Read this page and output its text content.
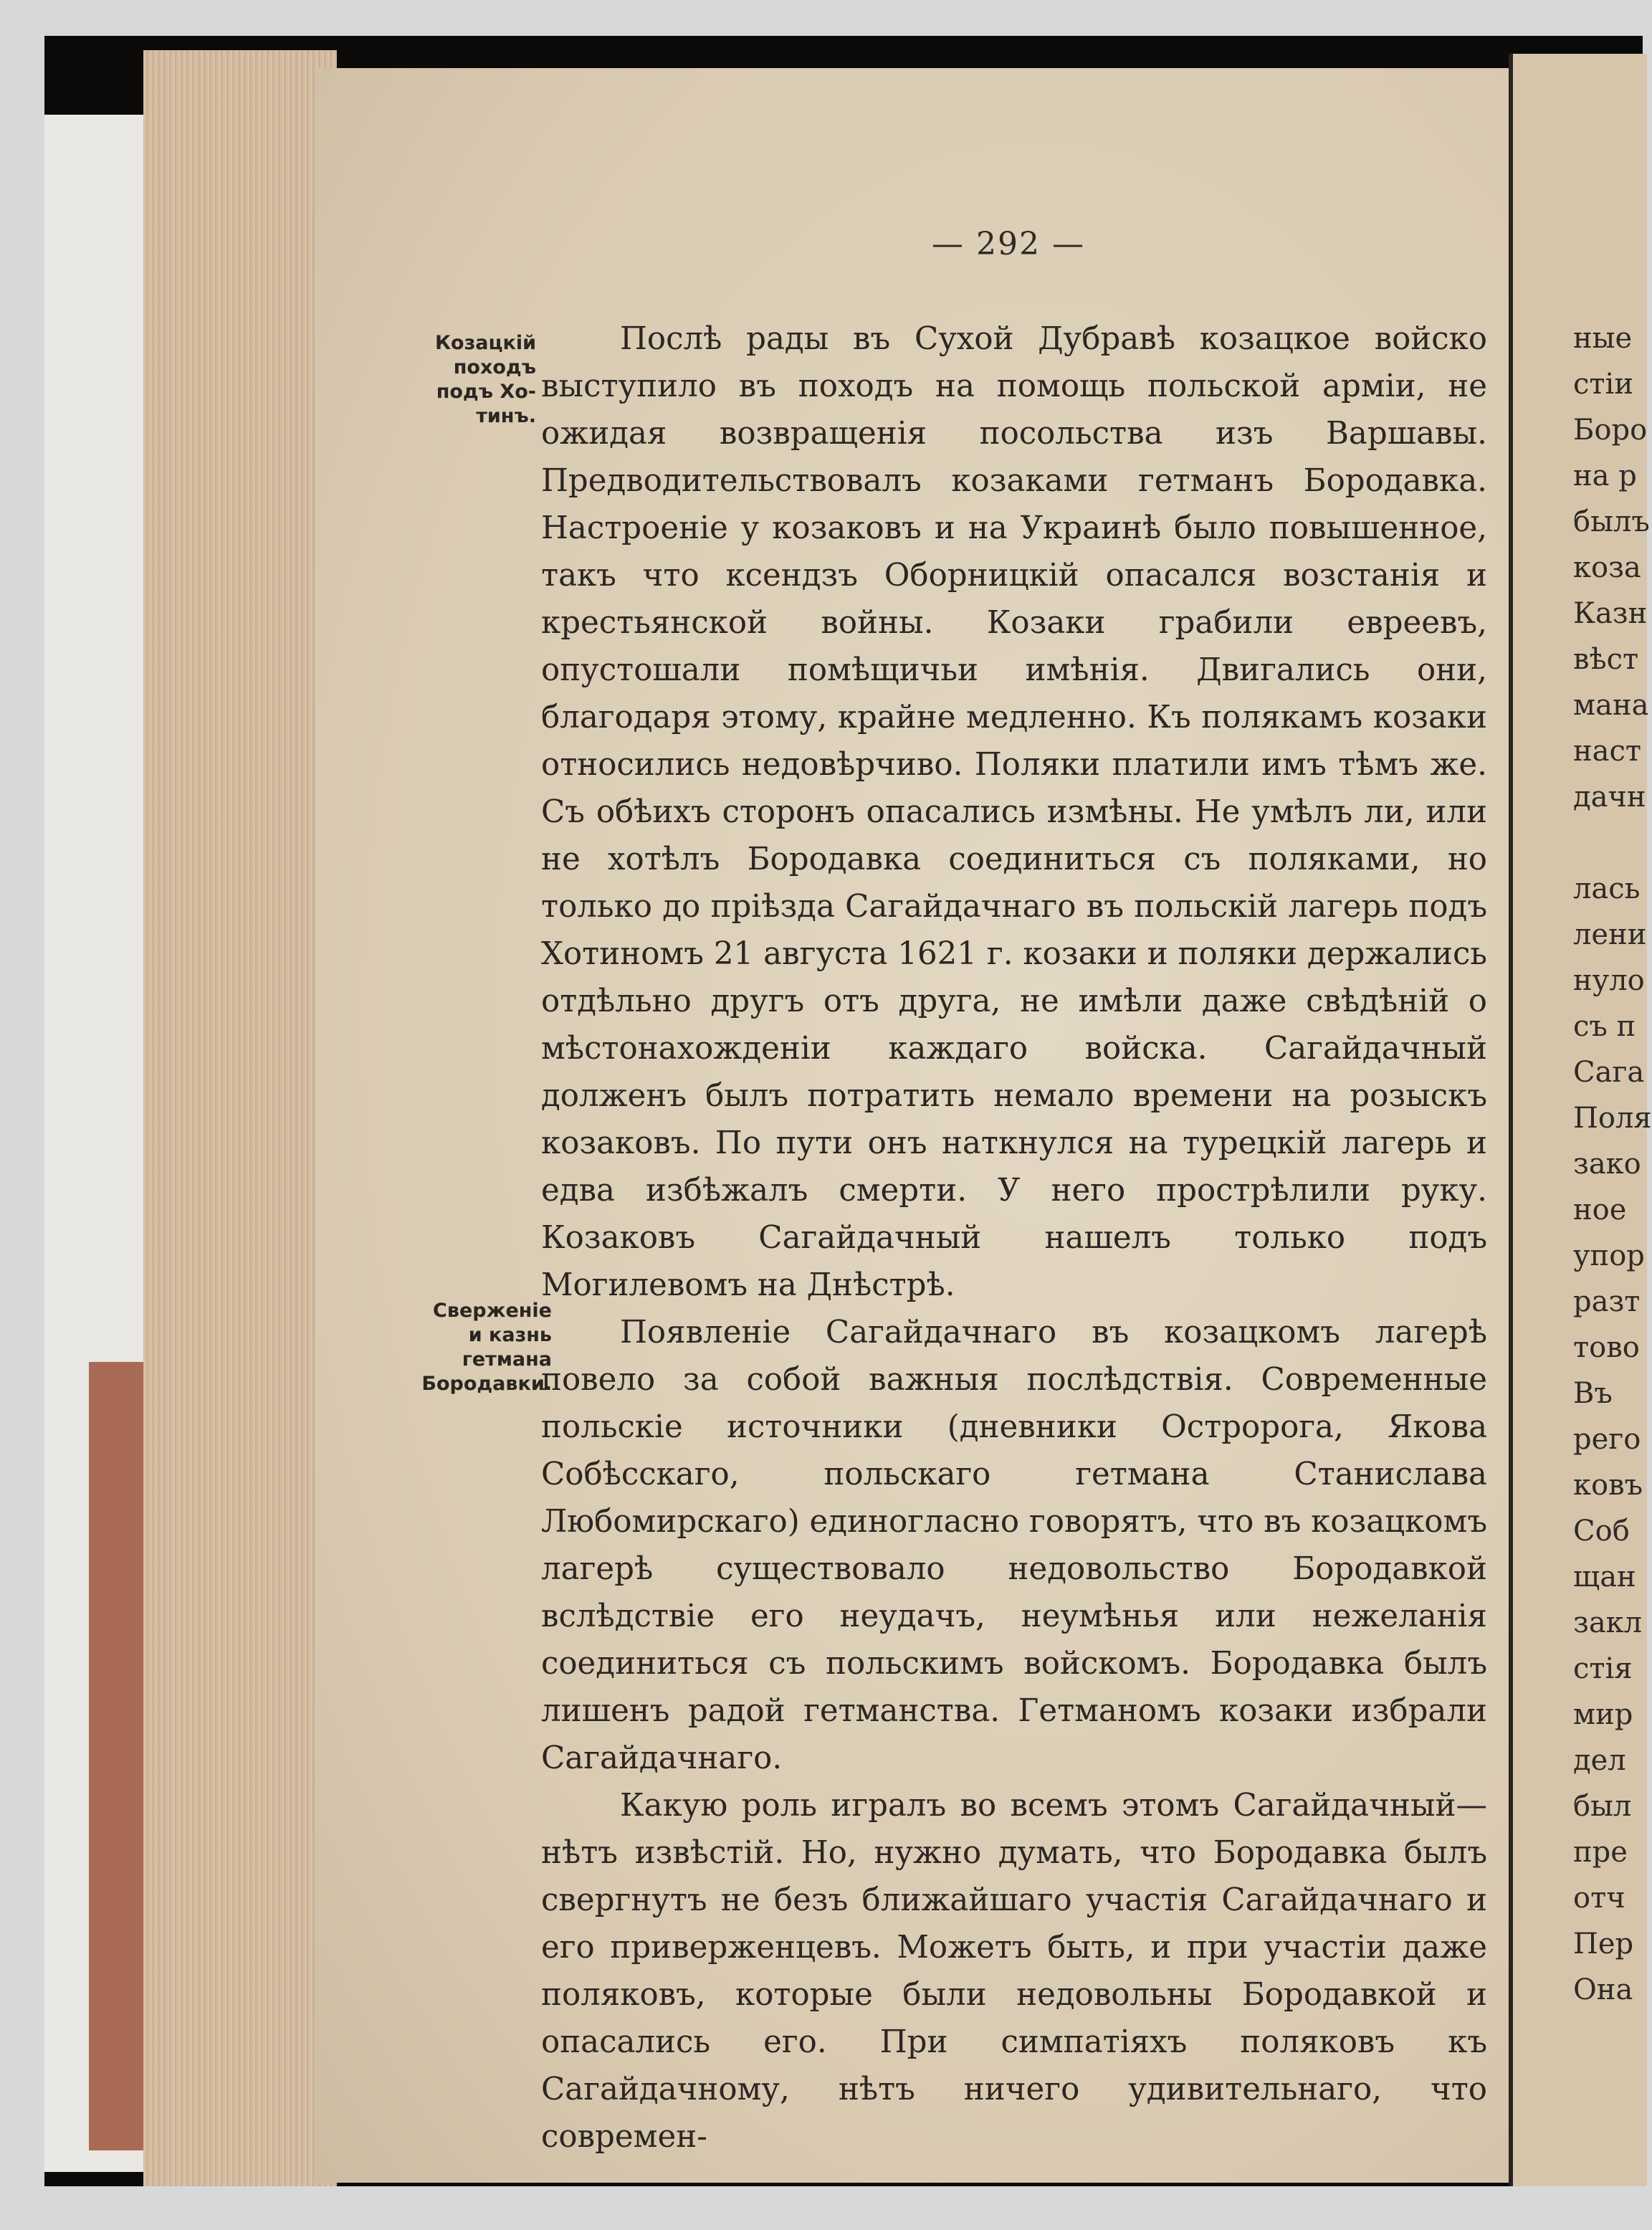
— 292 —
Козацкій
походъ
подъ Хо-
тинъ.
Сверженіе
и казнь
гетмана
Бородавки.

Послѣ рады въ Сухой Дубравѣ козацкое войско выступило въ походъ на помощь польской арміи, не ожидая возвращенія посольства изъ Варшавы. Предводительствовалъ козаками гетманъ Бородавка. Настроеніе у козаковъ и на Украинѣ было повышенное, такъ что ксендзъ Оборницкій опасался возстанія и крестьянской войны. Козаки грабили евреевъ, опустошали помѣщичьи имѣнія. Двигались они, благодаря этому, крайне медленно. Къ полякамъ козаки относились недовѣрчиво. Поляки платили имъ тѣмъ же. Съ обѣихъ сторонъ опасались измѣны. Не умѣлъ ли, или не хотѣлъ Бородавка соединиться съ поляками, но только до пріѣзда Сагайдачнаго въ польскій лагерь подъ Хотиномъ 21 августа 1621 г. козаки и поляки держались отдѣльно другъ отъ друга, не имѣли даже свѣдѣній о мѣстонахожденіи каждаго войска. Сагайдачный долженъ былъ потратить немало времени на розыскъ козаковъ. По пути онъ наткнулся на турецкій лагерь и едва избѣжалъ смерти. У него прострѣлили руку. Козаковъ Сагайдачный нашелъ только подъ Могилевомъ на Днѣстрѣ.

Появленіе Сагайдачнаго въ козацкомъ лагерѣ повело за собой важныя послѣдствія. Современные польскіе источники (дневники Остророга, Якова Собѣсскаго, польскаго гетмана Станислава Любомирскаго) единогласно говорятъ, что въ козацкомъ лагерѣ существовало недовольство Бородавкой вслѣдствіе его неудачъ, неумѣнья или нежеланія соединиться съ польскимъ войскомъ. Бородавка былъ лишенъ радой гетманства. Гетманомъ козаки избрали Сагайдачнаго.

Какую роль игралъ во всемъ этомъ Сагайдачный— нѣтъ извѣстій. Но, нужно думать, что Бородавка былъ свергнутъ не безъ ближайшаго участія Сагайдачнаго и его приверженцевъ. Можетъ быть, и при участіи даже поляковъ, которые были недовольны Бородавкой и опасались его. При симпатіяхъ поляковъ къ Сагайдачному, нѣтъ ничего удивительнаго, что современ-

ные
стіи
Боро
на р
былъ
коза
Казн
вѣст
мана
наст
дачн

лась
лени
нуло
съ п
Сага
Поля
зако
ное
упор
разт
тово
Въ
рего
ковъ
Соб
щан
закл
стія
мир
дел
был
пре
отч
Пер
Она
